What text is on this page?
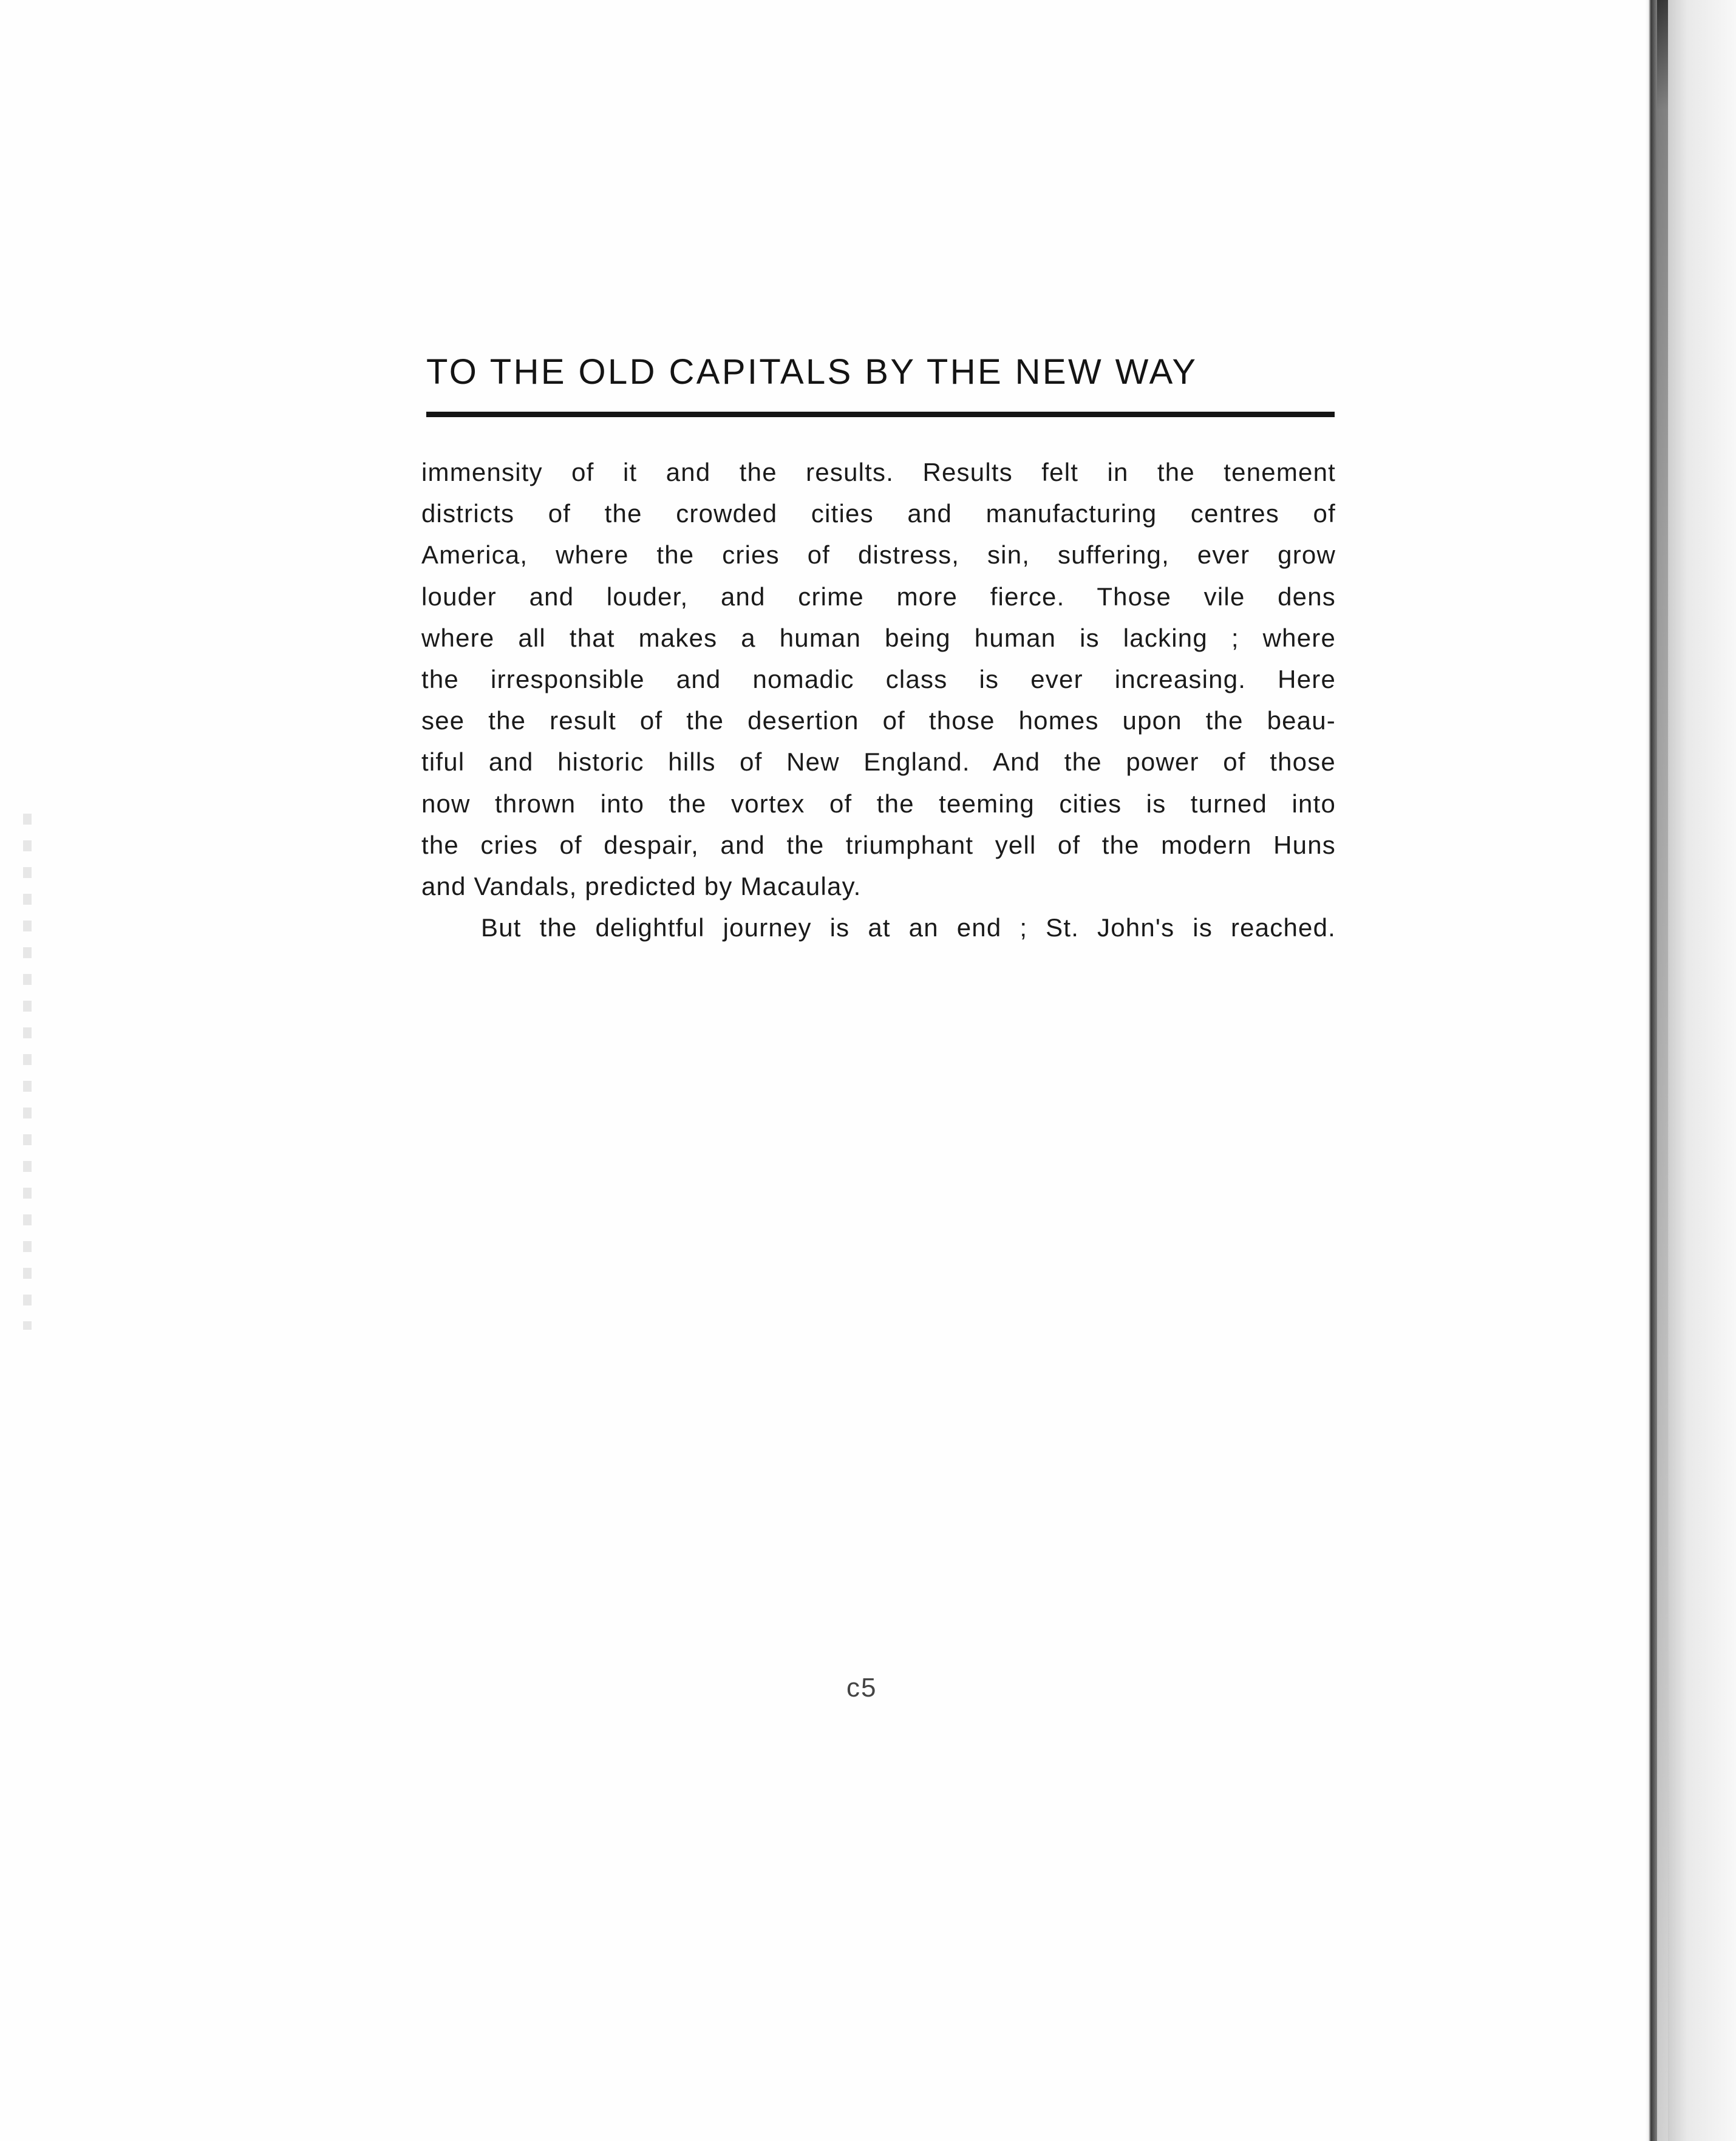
TO THE OLD CAPITALS BY THE NEW WAY
immensity of it and the results. Results felt in the tenement
districts of the crowded cities and manufacturing centres of
America, where the cries of distress, sin, suffering, ever grow
louder and louder, and crime more fierce. Those vile dens
where all that makes a human being human is lacking ; where
the irresponsible and nomadic class is ever increasing. Here
see the result of the desertion of those homes upon the beau-
tiful and historic hills of New England. And the power of those
now thrown into the vortex of the teeming cities is turned into
the cries of despair, and the triumphant yell of the modern Huns
and Vandals, predicted by Macaulay.
But the delightful journey is at an end ; St. John's is reached.
c5
